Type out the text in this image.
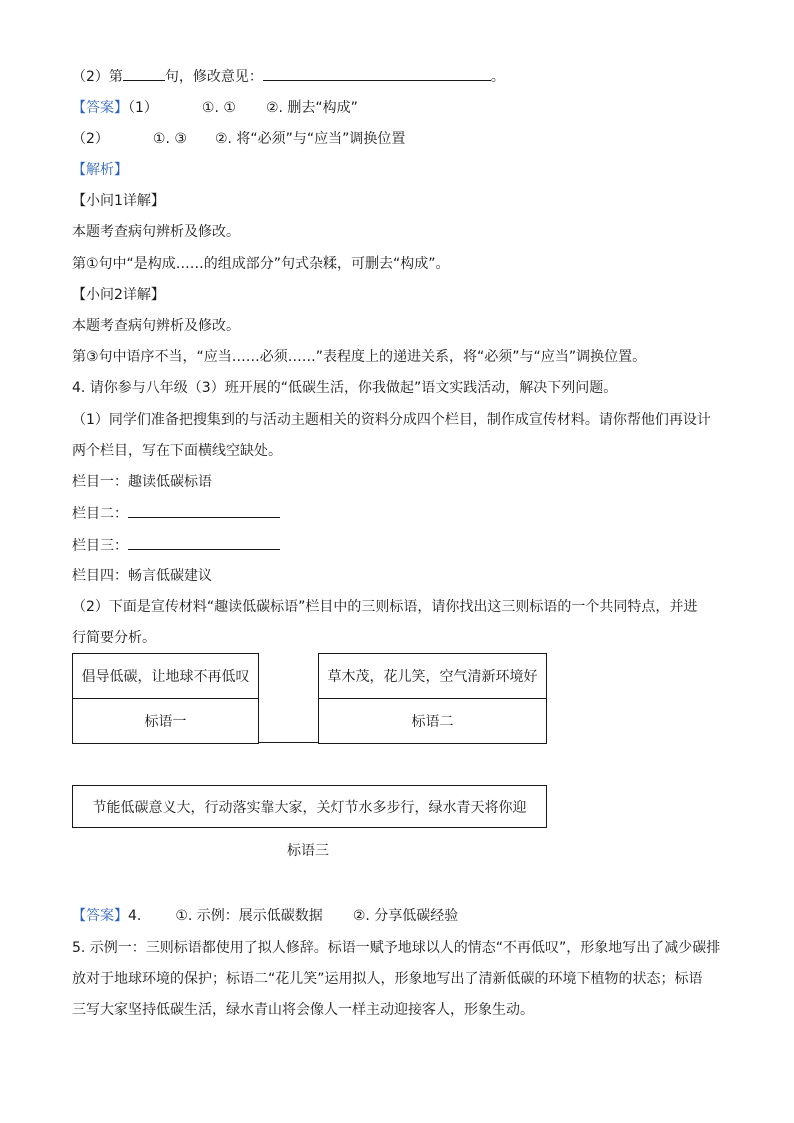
（2）第	句，修改意见：	。
【答案】（1）	①. ① ②. 删去“构成”
（2）	①. ③ ②. 将“必须”与“应当”调换位置
【解析】
【小问1详解】
本题考查病句辨析及修改。
第①句中“是构成……的组成部分”句式杂糅，可删去“构成”。
【小问2详解】
本题考查病句辨析及修改。
第③句中语序不当，“应当……必须……”表程度上的递进关系，将“必须”与“应当”调换位置。
4. 请你参与八年级（3）班开展的“低碳生活，你我做起”语文实践活动，解决下列问题。
（1）同学们准备把搜集到的与活动主题相关的资料分成四个栏目，制作成宣传材料。请你帮他们再设计
两个栏目，写在下面横线空缺处。
栏目一：趣读低碳标语
栏目二：
栏目三：
栏目四：畅言低碳建议
（2）下面是宣传材料“趣读低碳标语”栏目中的三则标语，请你找出这三则标语的一个共同特点，并进
行简要分析。
倡导低碳，让地球不再低叹
标语一
草木茂，花儿笑，空气清新环境好
标语二
节能低碳意义大，行动落实靠大家，关灯节水多步行，绿水青天将你迎
标语三
【答案】4. ①. 示例：展示低碳数据 ②. 分享低碳经验
5. 示例一：三则标语都使用了拟人修辞。标语一赋予地球以人的情态“不再低叹”，形象地写出了减少碳排
放对于地球环境的保护；标语二“花儿笑”运用拟人，形象地写出了清新低碳的环境下植物的状态；标语
三写大家坚持低碳生活，绿水青山将会像人一样主动迎接客人，形象生动。
